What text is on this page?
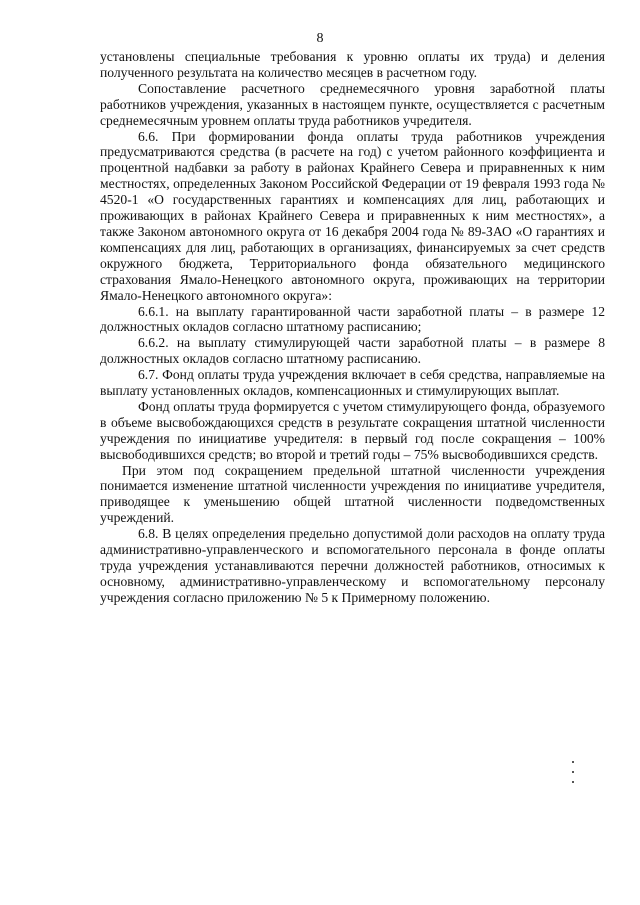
8

установлены специальные требования к уровню оплаты их труда) и деления полученного результата на количество месяцев в расчетном году.

Сопоставление расчетного среднемесячного уровня заработной платы работников учреждения, указанных в настоящем пункте, осуществляется с расчетным среднемесячным уровнем оплаты труда работников учредителя.

6.6. При формировании фонда оплаты труда работников учреждения предусматриваются средства (в расчете на год) с учетом районного коэффициента и процентной надбавки за работу в районах Крайнего Севера и приравненных к ним местностях, определенных Законом Российской Федерации от 19 февраля 1993 года № 4520-1 «О государственных гарантиях и компенсациях для лиц, работающих и проживающих в районах Крайнего Севера и приравненных к ним местностях», а также Законом автономного округа от 16 декабря 2004 года № 89-ЗАО «О гарантиях и компенсациях для лиц, работающих в организациях, финансируемых за счет средств окружного бюджета, Территориального фонда обязательного медицинского страхования Ямало-Ненецкого автономного округа, проживающих на территории Ямало-Ненецкого автономного округа»:

6.6.1. на выплату гарантированной части заработной платы – в размере 12 должностных окладов согласно штатному расписанию;

6.6.2. на выплату стимулирующей части заработной платы – в размере 8 должностных окладов согласно штатному расписанию.

6.7. Фонд оплаты труда учреждения включает в себя средства, направляемые на выплату установленных окладов, компенсационных и стимулирующих выплат.

Фонд оплаты труда формируется с учетом стимулирующего фонда, образуемого в объеме высвобождающихся средств в результате сокращения штатной численности учреждения по инициативе учредителя: в первый год после сокращения – 100% высвободившихся средств; во второй и третий годы – 75% высвободившихся средств.

При этом под сокращением предельной штатной численности учреждения понимается изменение штатной численности учреждения по инициативе учредителя, приводящее к уменьшению общей штатной численности подведомственных учреждений.

6.8. В целях определения предельно допустимой доли расходов на оплату труда административно-управленческого и вспомогательного персонала в фонде оплаты труда учреждения устанавливаются перечни должностей работников, относимых к основному, административно-управленческому и вспомогательному персоналу учреждения согласно приложению № 5 к Примерному положению.
